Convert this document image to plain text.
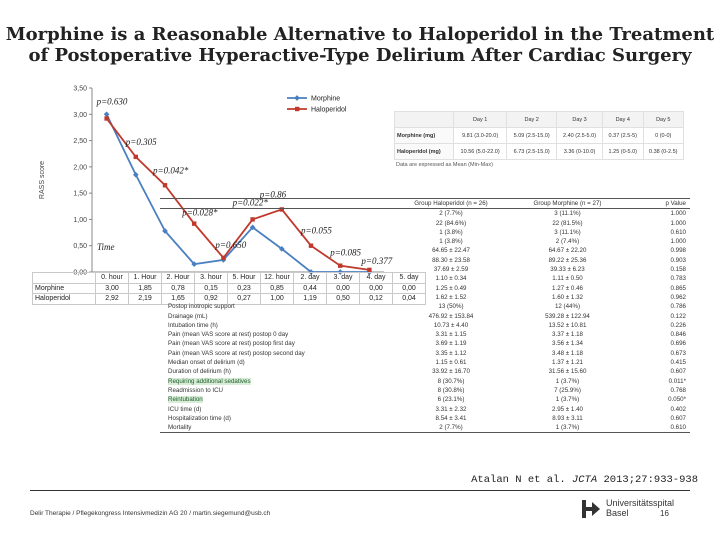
Morphine is a Reasonable Alternative to Haloperidol in the Treatment
of Postoperative Hyperactive-Type Delirium After Cardiac Surgery
0,00
0,50
1,00
1,50
2,00
2,50
3,00
3,50
RASS score
Time
p=0.630
p=0.305
p=0.042*
p=0.028*
p=0.650
p=0.022*
p=0.86
p=0.055
p=0.085
p=0.377
Morphine
Haloperidol
	0. hour	1. Hour	2. Hour	3. hour	5. Hour	12. hour	2. day	3. day	4. day	5. day
Morphine	3,00	1,85	0,78	0,15	0,23	0,85	0,44	0,00	0,00	0,00
Haloperidol	2,92	2,19	1,65	0,92	0,27	1,00	1,19	0,50	0,12	0,04
	Day 1	Day 2	Day 3	Day 4	Day 5
Morphine (mg)	9.81 (3.0-20.0)	5.09 (2.5-15.0)	2.40 (2.5-5.0)	0.37 (2.5-5)	0 (0-0)
Haloperidol (mg)	10.56 (5.0-22.0)	6.73 (2.5-15.0)	3.36 (0-10.0)	1.25 (0-5.0)	0.38 (0-2.5)
Data are expressed as Mean (Min-Max)
	Group Haloperidol (n = 26)	Group Morphine (n = 27)	p Value
	2 (7.7%)	3 (11.1%)	1.000
	22 (84.6%)	22 (81.5%)	1.000
	1 (3.8%)	3 (11.1%)	0.610
	1 (3.8%)	2 (7.4%)	1.000
	64.65 ± 22.47	64.67 ± 22.20	0.998
	88.30 ± 23.58	89.22 ± 25.36	0.903
	37.69 ± 2.59	39.33 ± 6.23	0.158
	1.10 ± 0.34	1.11 ± 0.50	0.783
	1.25 ± 0.49	1.27 ± 0.46	0.865
	1.62 ± 1.52	1.60 ± 1.32	0.962
Postop inotropic support	13 (50%)	12 (44%)	0.786
Drainage (mL)	476.92 ± 153.84	539.28 ± 122.94	0.122
Intubation time (h)	10.73 ± 4.40	13.52 ± 10.81	0.226
Pain (mean VAS score at rest) postop 0 day	3.31 ± 1.15	3.37 ± 1.18	0.846
Pain (mean VAS score at rest) postop first day	3.69 ± 1.19	3.56 ± 1.34	0.696
Pain (mean VAS score at rest) postop second day	3.35 ± 1.12	3.48 ± 1.18	0.673
Median onset of delirium (d)	1.15 ± 0.61	1.37 ± 1.21	0.415
Duration of delirium (h)	33.92 ± 16.70	31.56 ± 15.60	0.607
Requiring additional sedatives	8 (30.7%)	1 (3.7%)	0.011*
Readmission to ICU	8 (30.8%)	7 (25.9%)	0.768
Reintubation	6 (23.1%)	1 (3.7%)	0.050*
ICU time (d)	3.31 ± 2.32	2.95 ± 1.40	0.402
Hospitalization time (d)	8.54 ± 3.41	8.93 ± 3.11	0.607
Mortality	2 (7.7%)	1 (3.7%)	0.610
Atalan N et al. JCTA 2013;27:933-938
Delir Therapie / Pflegekongress Intensivmedizin AG 20 / martin.siegemund@usb.ch
Universitätsspital
Basel	16
